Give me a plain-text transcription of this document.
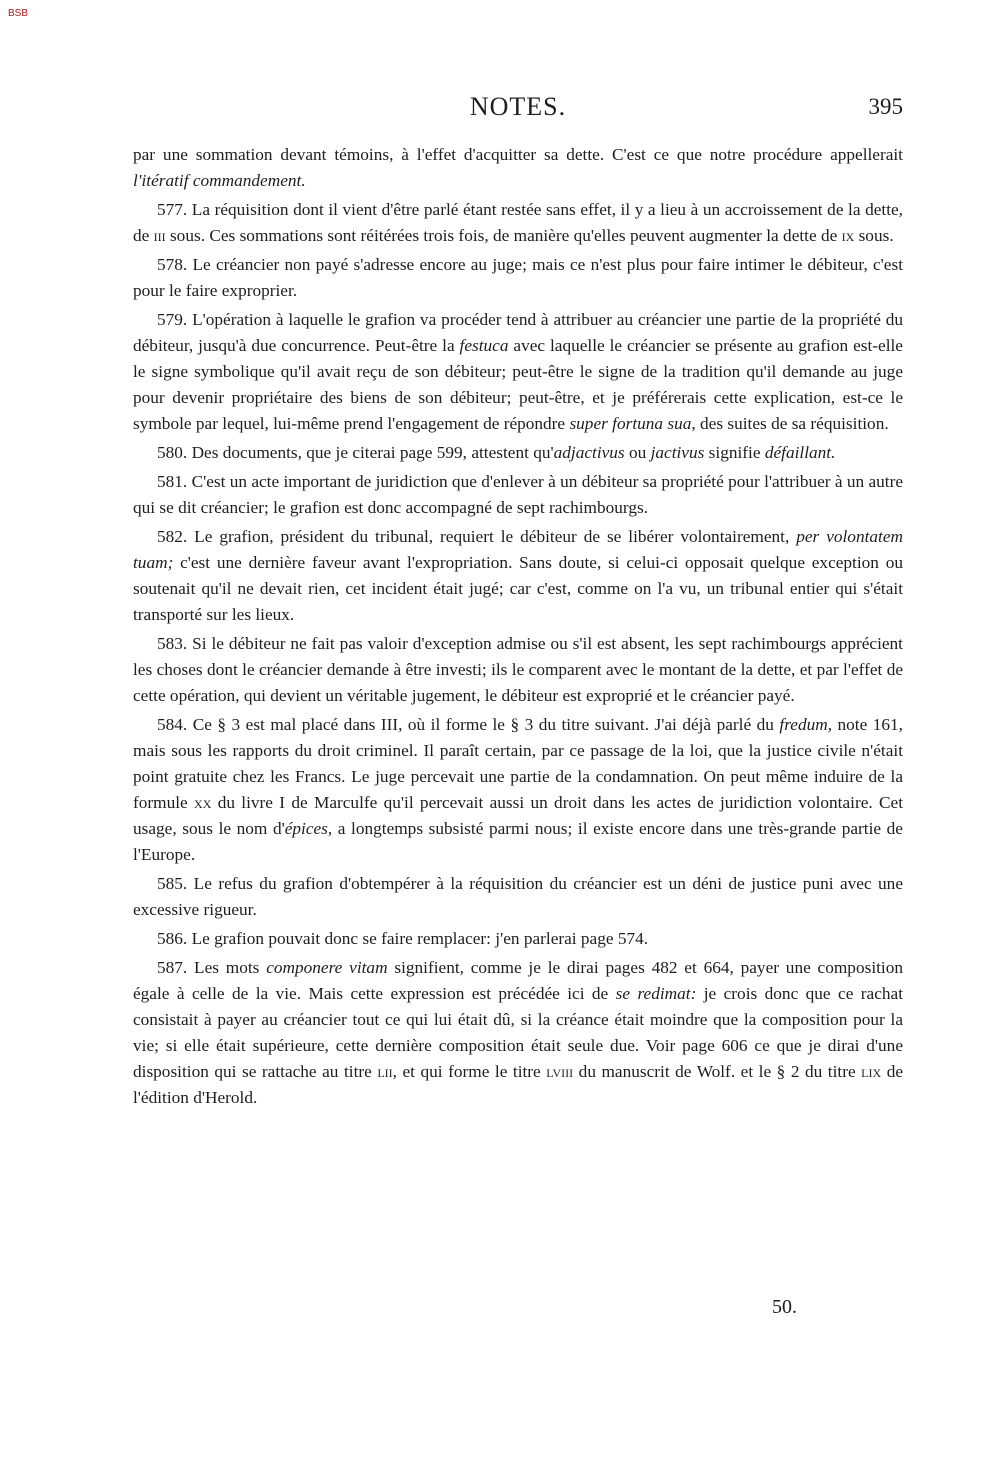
BSB
NOTES.	395

par une sommation devant témoins, à l'effet d'acquitter sa dette. C'est ce que notre procédure appellerait l'itératif commandement.

577. La réquisition dont il vient d'être parlé étant restée sans effet, il y a lieu à un accroissement de la dette, de iii sous. Ces sommations sont réitérées trois fois, de manière qu'elles peuvent augmenter la dette de ix sous.

578. Le créancier non payé s'adresse encore au juge; mais ce n'est plus pour faire intimer le débiteur, c'est pour le faire exproprier.

579. L'opération à laquelle le grafion va procéder tend à attribuer au créancier une partie de la propriété du débiteur, jusqu'à due concurrence. Peut-être la festuca avec laquelle le créancier se présente au grafion est-elle le signe symbolique qu'il avait reçu de son débiteur; peut-être le signe de la tradition qu'il demande au juge pour devenir propriétaire des biens de son débiteur; peut-être, et je préférerais cette explication, est-ce le symbole par lequel, lui-même prend l'engagement de répondre super fortuna sua, des suites de sa réquisition.

580. Des documents, que je citerai page 599, attestent qu'adjactivus ou jactivus signifie défaillant.

581. C'est un acte important de juridiction que d'enlever à un débiteur sa propriété pour l'attribuer à un autre qui se dit créancier; le grafion est donc accompagné de sept rachimbourgs.

582. Le grafion, président du tribunal, requiert le débiteur de se libérer volontairement, per volontatem tuam; c'est une dernière faveur avant l'expropriation. Sans doute, si celui-ci opposait quelque exception ou soutenait qu'il ne devait rien, cet incident était jugé; car c'est, comme on l'a vu, un tribunal entier qui s'était transporté sur les lieux.

583. Si le débiteur ne fait pas valoir d'exception admise ou s'il est absent, les sept rachimbourgs apprécient les choses dont le créancier demande à être investi; ils le comparent avec le montant de la dette, et par l'effet de cette opération, qui devient un véritable jugement, le débiteur est exproprié et le créancier payé.

584. Ce § 3 est mal placé dans III, où il forme le § 3 du titre suivant. J'ai déjà parlé du fredum, note 161, mais sous les rapports du droit criminel. Il paraît certain, par ce passage de la loi, que la justice civile n'était point gratuite chez les Francs. Le juge percevait une partie de la condamnation. On peut même induire de la formule xx du livre I de Marculfe qu'il percevait aussi un droit dans les actes de juridiction volontaire. Cet usage, sous le nom d'épices, a longtemps subsisté parmi nous; il existe encore dans une très-grande partie de l'Europe.

585. Le refus du grafion d'obtempérer à la réquisition du créancier est un déni de justice puni avec une excessive rigueur.

586. Le grafion pouvait donc se faire remplacer: j'en parlerai page 574.

587. Les mots componere vitam signifient, comme je le dirai pages 482 et 664, payer une composition égale à celle de la vie. Mais cette expression est précédée ici de se redimat: je crois donc que ce rachat consistait à payer au créancier tout ce qui lui était dû, si la créance était moindre que la composition pour la vie; si elle était supérieure, cette dernière composition était seule due. Voir page 606 ce que je dirai d'une disposition qui se rattache au titre lii, et qui forme le titre lviii du manuscrit de Wolf. et le § 2 du titre lix de l'édition d'Herold.

50.
